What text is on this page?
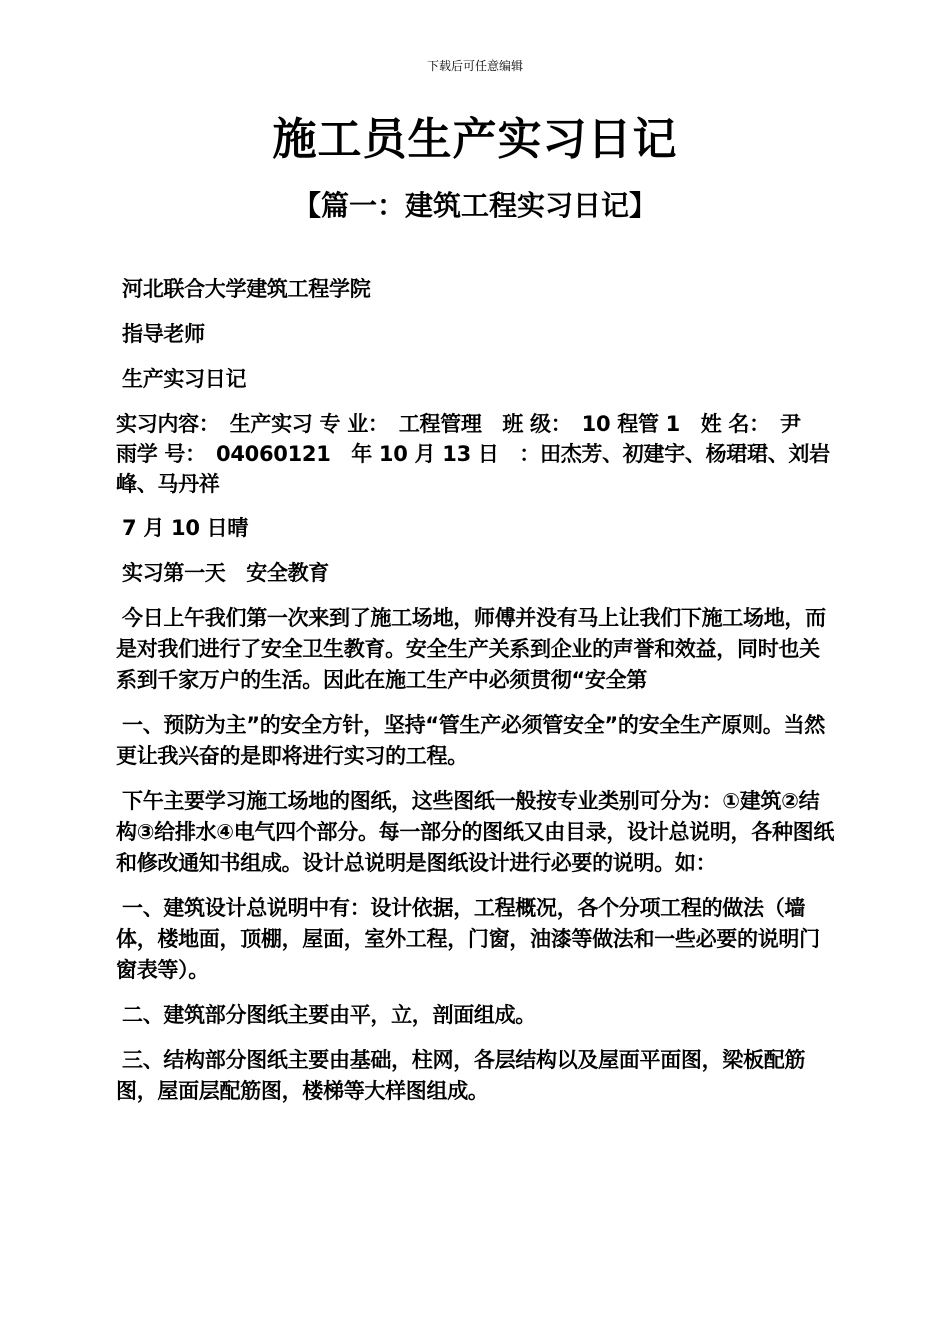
下载后可任意编辑
施工员生产实习日记
【篇一：建筑工程实习日记】

河北联合大学建筑工程学院

指导老师

生产实习日记

实习内容：　生产实习 专 业：　工程管理　班 级：　10 程管 1　姓 名：　尹　雨学 号：　04060121　年 10 月 13 日　：田杰芳、初建宇、杨珺珺、刘岩峰、马丹祥

7 月 10 日晴

实习第一天　安全教育

今日上午我们第一次来到了施工场地，师傅并没有马上让我们下施工场地，而是对我们进行了安全卫生教育。安全生产关系到企业的声誉和效益，同时也关系到千家万户的生活。因此在施工生产中必须贯彻“安全第

一、预防为主”的安全方针，坚持“管生产必须管安全”的安全生产原则。当然更让我兴奋的是即将进行实习的工程。

下午主要学习施工场地的图纸，这些图纸一般按专业类别可分为：①建筑②结构③给排水④电气四个部分。每一部分的图纸又由目录，设计总说明，各种图纸和修改通知书组成。设计总说明是图纸设计进行必要的说明。如：

一、建筑设计总说明中有：设计依据，工程概况，各个分项工程的做法（墙体，楼地面，顶棚，屋面，室外工程，门窗，油漆等做法和一些必要的说明门窗表等）。

二、建筑部分图纸主要由平，立，剖面组成。

三、结构部分图纸主要由基础，柱网，各层结构以及屋面平面图，梁板配筋图，屋面层配筋图，楼梯等大样图组成。
